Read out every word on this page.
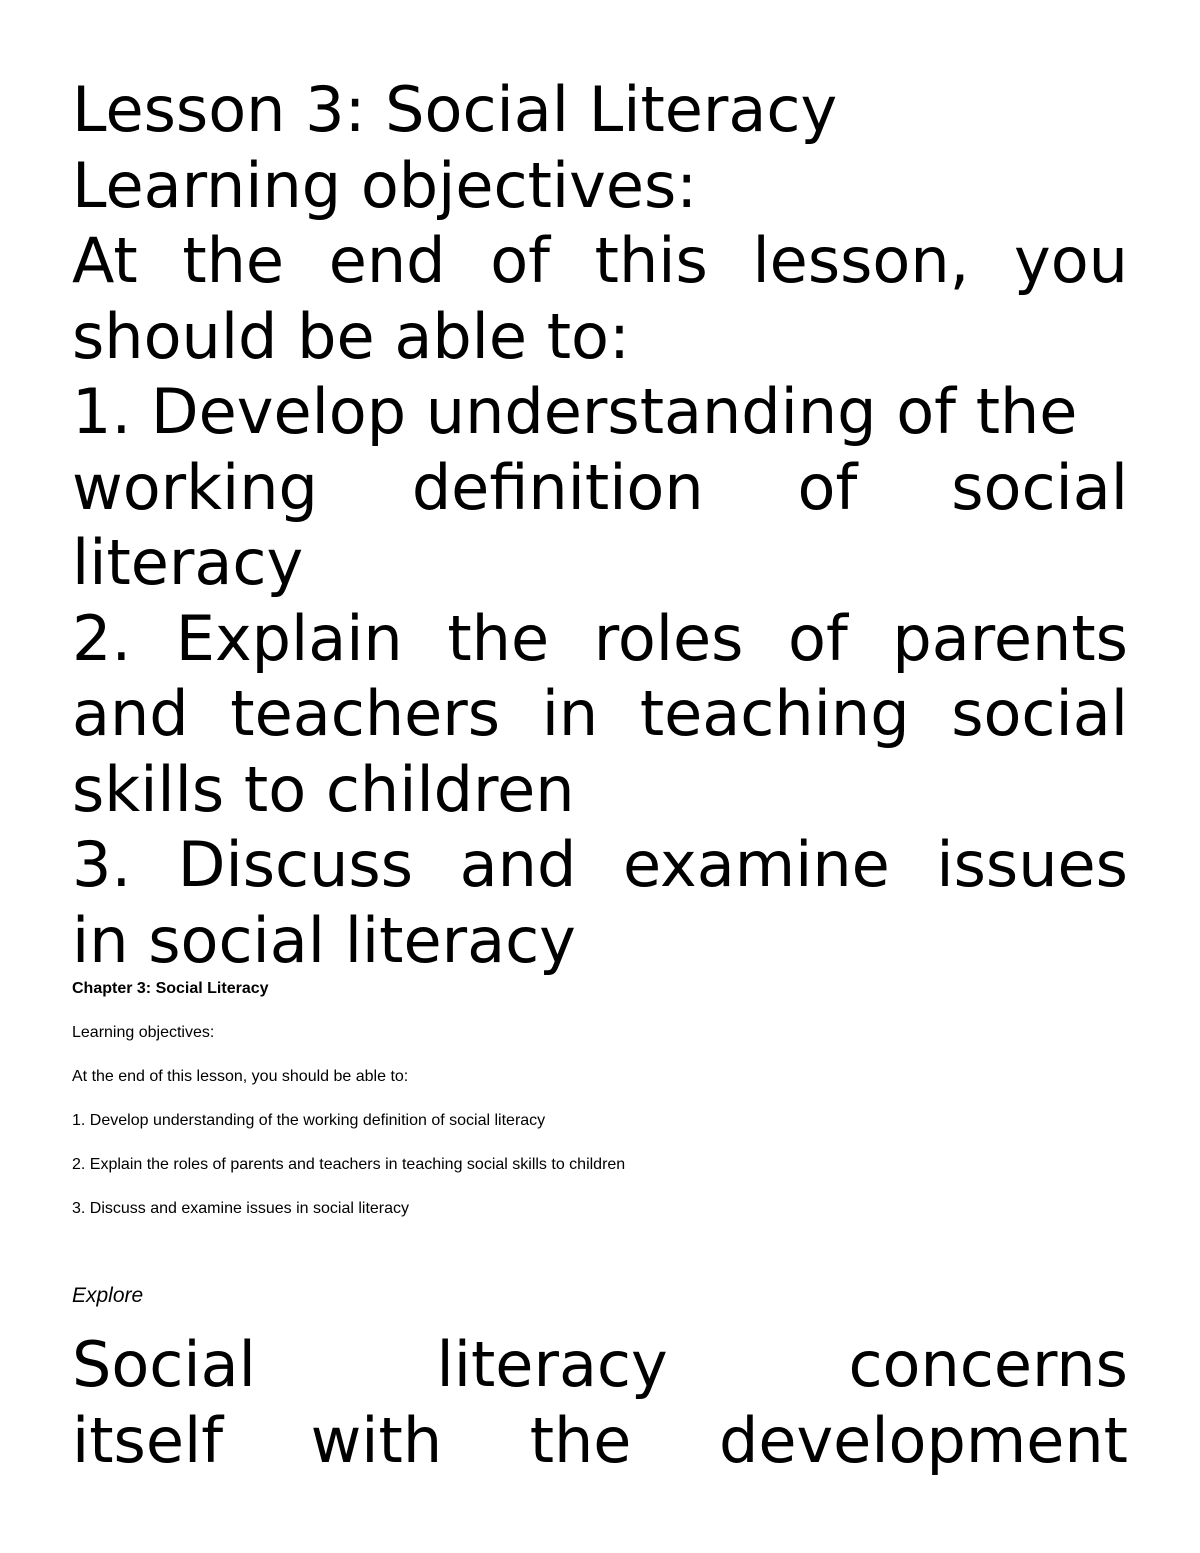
Lesson 3: Social Literacy

Learning objectives:

At the end of this lesson, you

should be able to:

1. Develop understanding of the

working definition of social

literacy

2. Explain the roles of parents
and teachers in teaching social

skills to children

3. Discuss and examine issues

in social literacy

Chapter 3: Social Literacy

Learning objectives:

At the end of this lesson, you should be able to:

1. Develop understanding of the working definition of social literacy

2. Explain the roles of parents and teachers in teaching social skills to children

3. Discuss and examine issues in social literacy

Explore

Social	literacy	concerns
itself with the development
